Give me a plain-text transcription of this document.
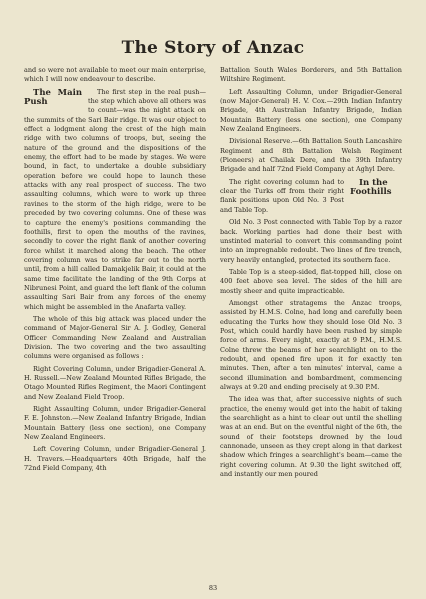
The Story of Anzac

and so were not available to meet our main enterprise, which I will now endeavour to describe.

The Main Push
The first step in the real push—the step which above all others was to count—was the night attack on the summits of the Sari Bair ridge. It was our object to effect a lodgment along the crest of the high main ridge with two columns of troops, but, seeing the nature of the ground and the dispositions of the enemy, the effort had to be made by stages. We were bound, in fact, to undertake a double subsidiary operation before we could hope to launch these attacks with any real prospect of success. The two assaulting columns, which were to work up three ravines to the storm of the high ridge, were to be preceded by two covering columns. One of these was to capture the enemy's positions commanding the foothills, first to open the mouths of the ravines, secondly to cover the right flank of another covering force whilst it marched along the beach. The other covering column was to strike far out to the north until, from a hill called Damakjelik Bair, it could at the same time facilitate the landing of the 9th Corps at Nibrunesi Point, and guard the left flank of the column assaulting Sari Bair from any forces of the enemy which might be assembled in the Anafarta valley.

The whole of this big attack was placed under the command of Major-General Sir A. J. Godley, General Officer Commanding New Zealand and Australian Division. The two covering and the two assaulting columns were organised as follows :

Right Covering Column, under Brigadier-General A. H. Russell.—New Zealand Mounted Rifles Brigade, the Otago Mounted Rifles Regiment, the Maori Contingent and New Zealand Field Troop.

Right Assaulting Column, under Brigadier-General F. E. Johnston.—New Zealand Infantry Brigade, Indian Mountain Battery (less one section), one Company New Zealand Engineers.

Left Covering Column, under Brigadier-General J. H. Travers.—Headquarters 40th Brigade, half the 72nd Field Company, 4th

Battalion South Wales Borderers, and 5th Battalion Wiltshire Regiment.

Left Assaulting Column, under Brigadier-General (now Major-General) H. V. Cox.—29th Indian Infantry Brigade, 4th Australian Infantry Brigade, Indian Mountain Battery (less one section), one Company New Zealand Engineers.

Divisional Reserve.—6th Battalion South Lancashire Regiment and 8th Battalion Welsh Regiment (Pioneers) at Chailak Dere, and the 39th Infantry Brigade and half 72nd Field Company at Aghyl Dere.

In the Foothills
The right covering column had to clear the Turks off from their right flank positions upon Old No. 3 Post and Table Top.

Old No. 3 Post connected with Table Top by a razor back. Working parties had done their best with unstinted material to convert this commanding point into an impregnable redoubt. Two lines of fire trench, very heavily entangled, protected its southern face.

Table Top is a steep-sided, flat-topped hill, close on 400 feet above sea level. The sides of the hill are mostly sheer and quite impracticable.

Amongst other stratagems the Anzac troops, assisted by H.M.S. Colne, had long and carefully been educating the Turks how they should lose Old No. 3 Post, which could hardly have been rushed by simple force of arms. Every night, exactly at 9 P.M., H.M.S. Colne threw the beams of her searchlight on to the redoubt, and opened fire upon it for exactly ten minutes. Then, after a ten minutes' interval, came a second illumination and bombardment, commencing always at 9.20 and ending precisely at 9.30 P.M.

The idea was that, after successive nights of such practice, the enemy would get into the habit of taking the searchlight as a hint to clear out until the shelling was at an end. But on the eventful night of the 6th, the sound of their footsteps drowned by the loud cannonade, unseen as they crept along in that darkest shadow which fringes a searchlight's beam—came the right covering column. At 9.30 the light switched off, and instantly our men poured

83
